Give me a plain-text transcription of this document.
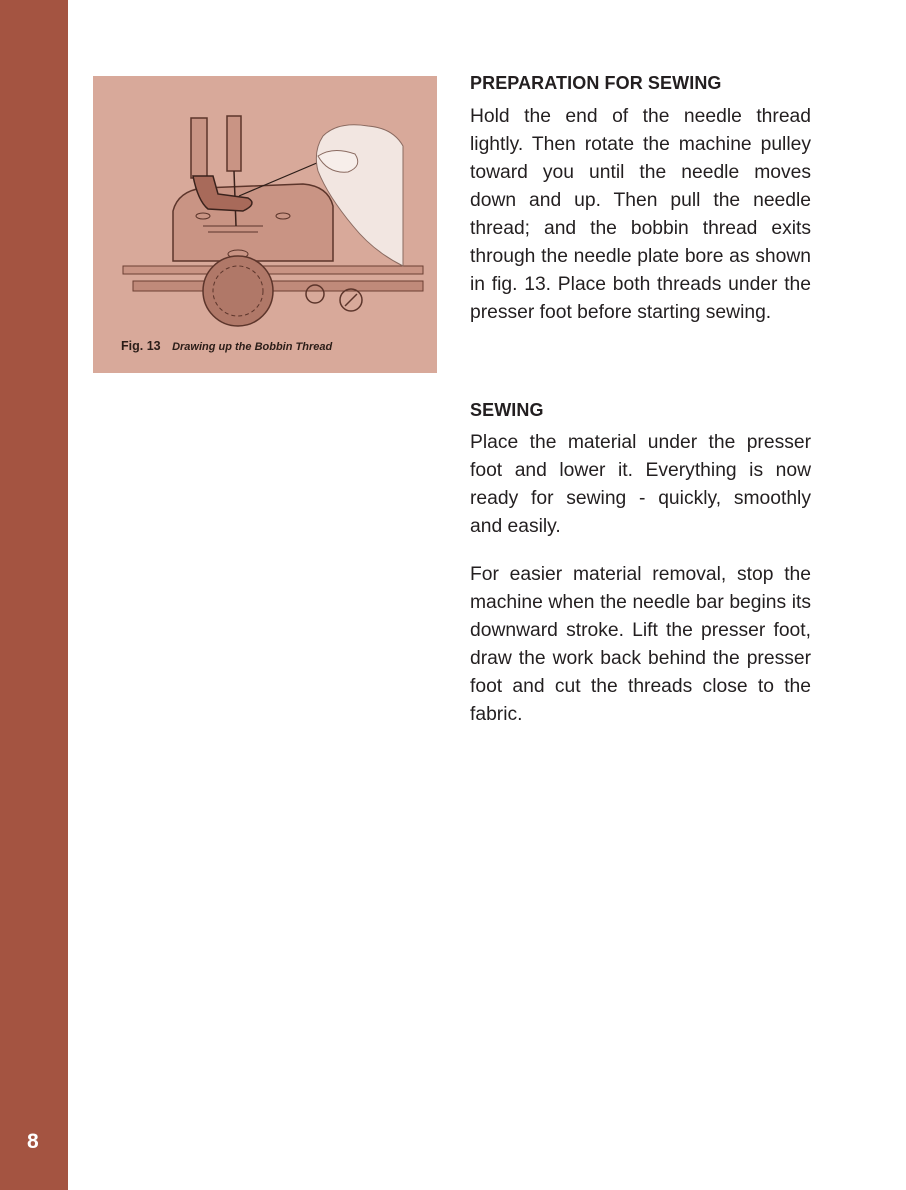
8
Fig. 13 Drawing up the Bobbin Thread
PREPARATION FOR SEWING

Hold the end of the needle thread lightly. Then rotate the machine pulley toward you until the needle moves down and up. Then pull the needle thread; and the bobbin thread exits through the needle plate bore as shown in fig. 13. Place both threads under the presser foot before starting sewing.

SEWING

Place the material under the presser foot and lower it. Everything is now ready for sewing - quickly, smoothly and easily.

For easier material removal, stop the machine when the needle bar begins its downward stroke. Lift the presser foot, draw the work back behind the presser foot and cut the threads close to the fabric.
